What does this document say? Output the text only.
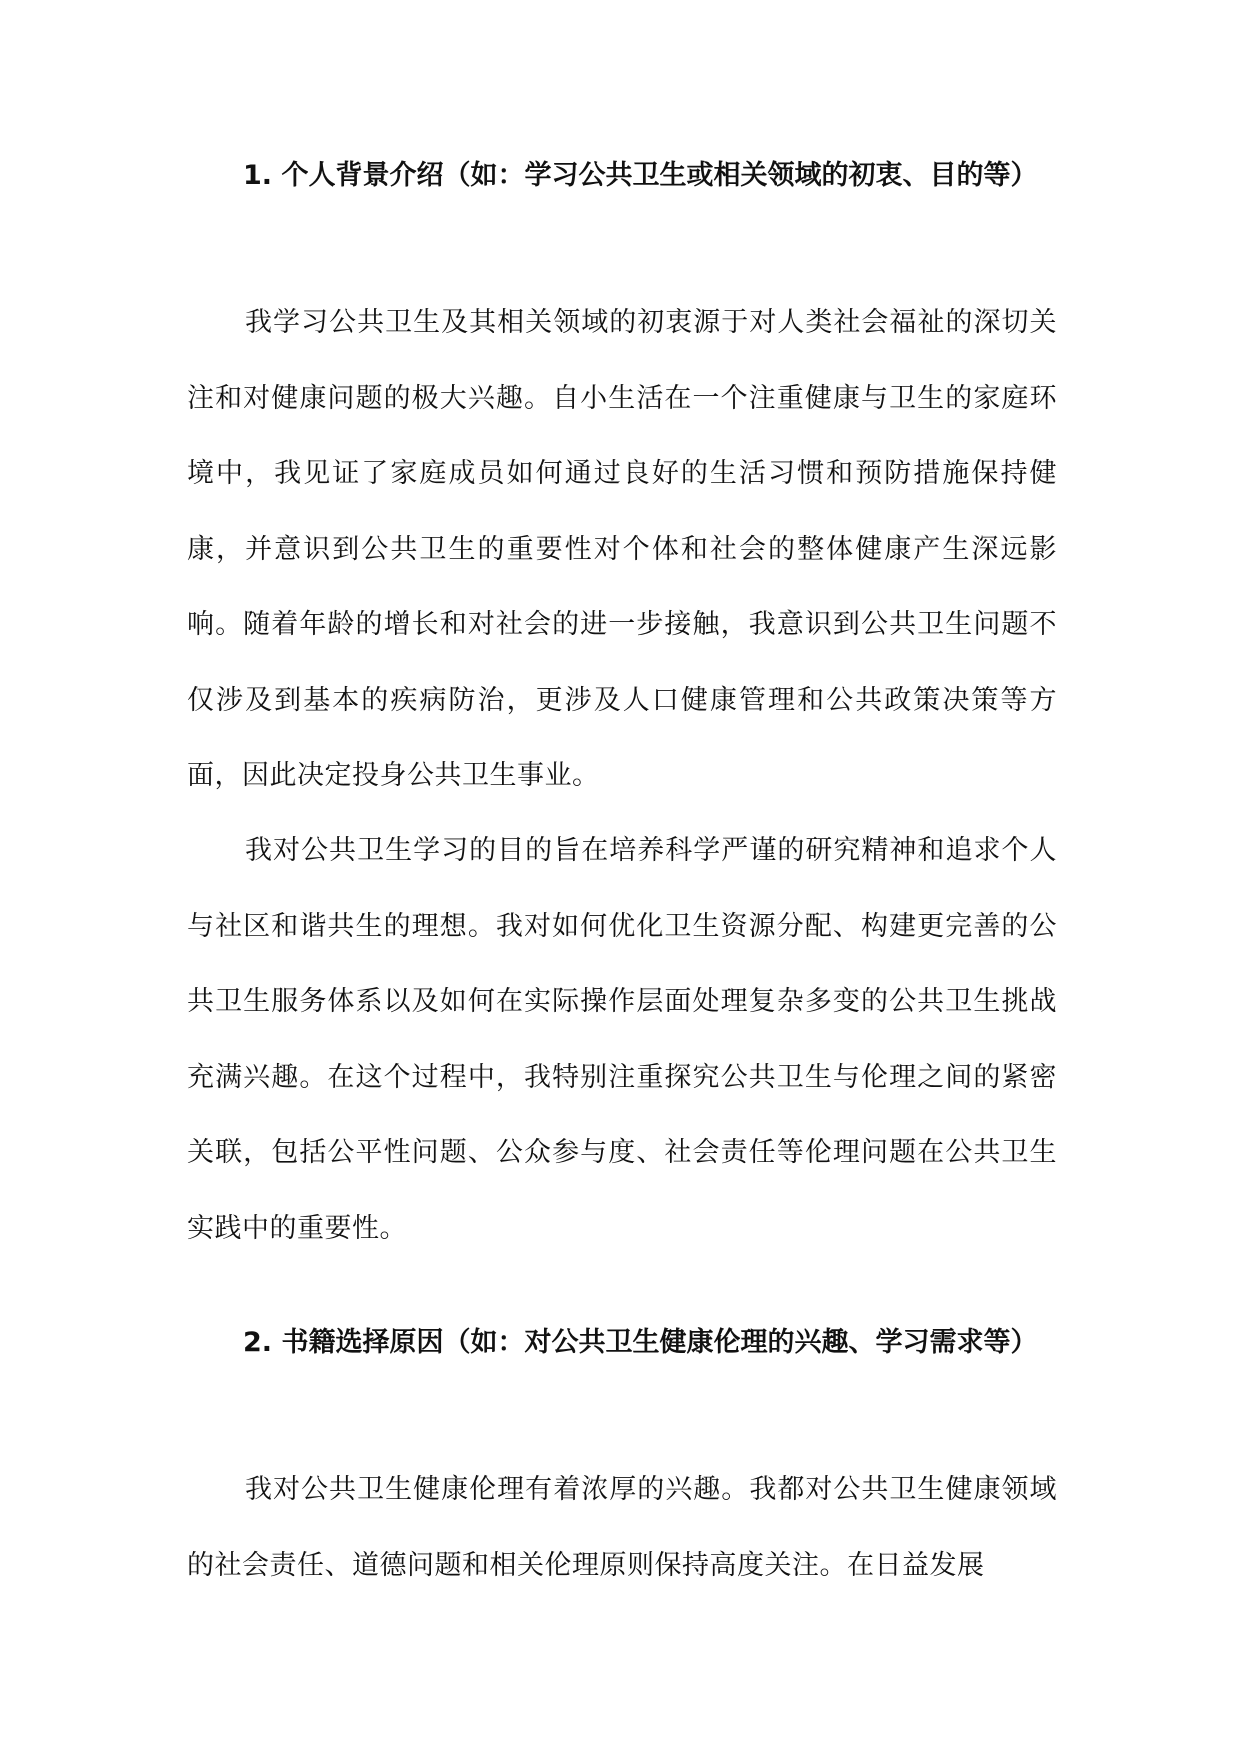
1. 个人背景介绍（如：学习公共卫生或相关领域的初衷、目的等）

我学习公共卫生及其相关领域的初衷源于对人类社会福祉的深切关注和对健康问题的极大兴趣。自小生活在一个注重健康与卫生的家庭环境中，我见证了家庭成员如何通过良好的生活习惯和预防措施保持健康，并意识到公共卫生的重要性对个体和社会的整体健康产生深远影响。随着年龄的增长和对社会的进一步接触，我意识到公共卫生问题不仅涉及到基本的疾病防治，更涉及人口健康管理和公共政策决策等方面，因此决定投身公共卫生事业。

我对公共卫生学习的目的旨在培养科学严谨的研究精神和追求个人与社区和谐共生的理想。我对如何优化卫生资源分配、构建更完善的公共卫生服务体系以及如何在实际操作层面处理复杂多变的公共卫生挑战充满兴趣。在这个过程中，我特别注重探究公共卫生与伦理之间的紧密关联，包括公平性问题、公众参与度、社会责任等伦理问题在公共卫生实践中的重要性。

2. 书籍选择原因（如：对公共卫生健康伦理的兴趣、学习需求等）

我对公共卫生健康伦理有着浓厚的兴趣。我都对公共卫生健康领域的社会责任、道德问题和相关伦理原则保持高度关注。在日益发展
